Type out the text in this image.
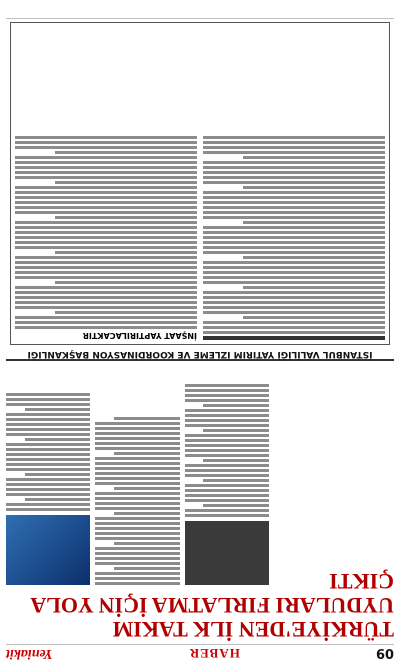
09
HABER
Yeniakit
TÜRKİYE'DEN İLK TAKIM UYDULARI FIRLATMA İÇİN YOLA ÇIKTI
İSTANBUL VALİLİĞİ YATIRIM İZLEME VE KOORDİNASYON BAŞKANLIĞI
İNŞAAT YAPTIRILACAKTIR
